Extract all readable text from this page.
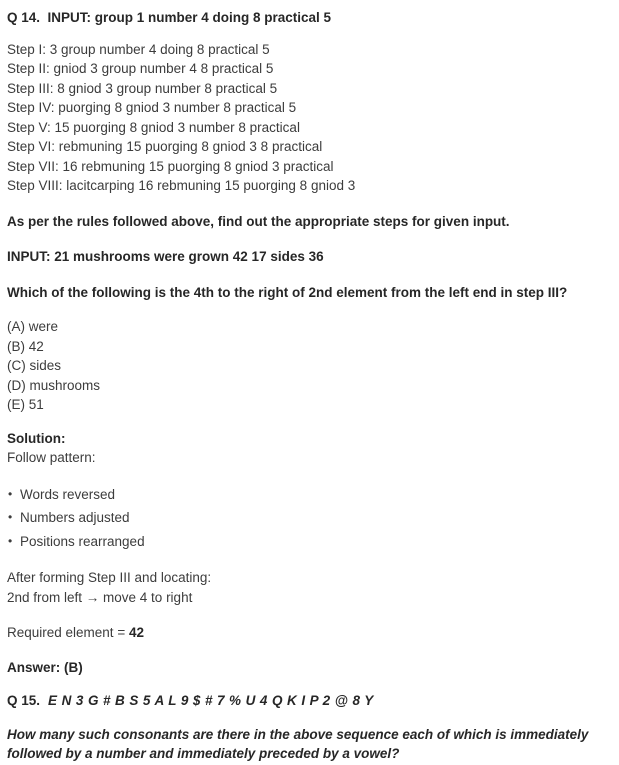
Q 14.  INPUT: group 1 number 4 doing 8 practical 5

Step I: 3 group number 4 doing 8 practical 5
Step II: gniod 3 group number 4 8 practical 5
Step III: 8 gniod 3 group number 8 practical 5
Step IV: puorging 8 gniod 3 number 8 practical 5
Step V: 15 puorging 8 gniod 3 number 8 practical
Step VI: rebmuning 15 puorging 8 gniod 3 8 practical
Step VII: 16 rebmuning 15 puorging 8 gniod 3 practical
Step VIII: lacitcarping 16 rebmuning 15 puorging 8 gniod 3

As per the rules followed above, find out the appropriate steps for given input.

INPUT: 21 mushrooms were grown 42 17 sides 36

Which of the following is the 4th to the right of 2nd element from the left end in step III?

(A) were
(B) 42
(C) sides
(D) mushrooms
(E) 51

Solution:
Follow pattern:

• Words reversed
• Numbers adjusted
• Positions rearranged

After forming Step III and locating:
2nd from left → move 4 to right

Required element = 42

Answer: (B)

Q 15. E N 3 G # B S 5 A L 9 $ # 7 % U 4 Q K I P 2 @ 8 Y

How many such consonants are there in the above sequence each of which is immediately followed by a number and immediately preceded by a vowel?
